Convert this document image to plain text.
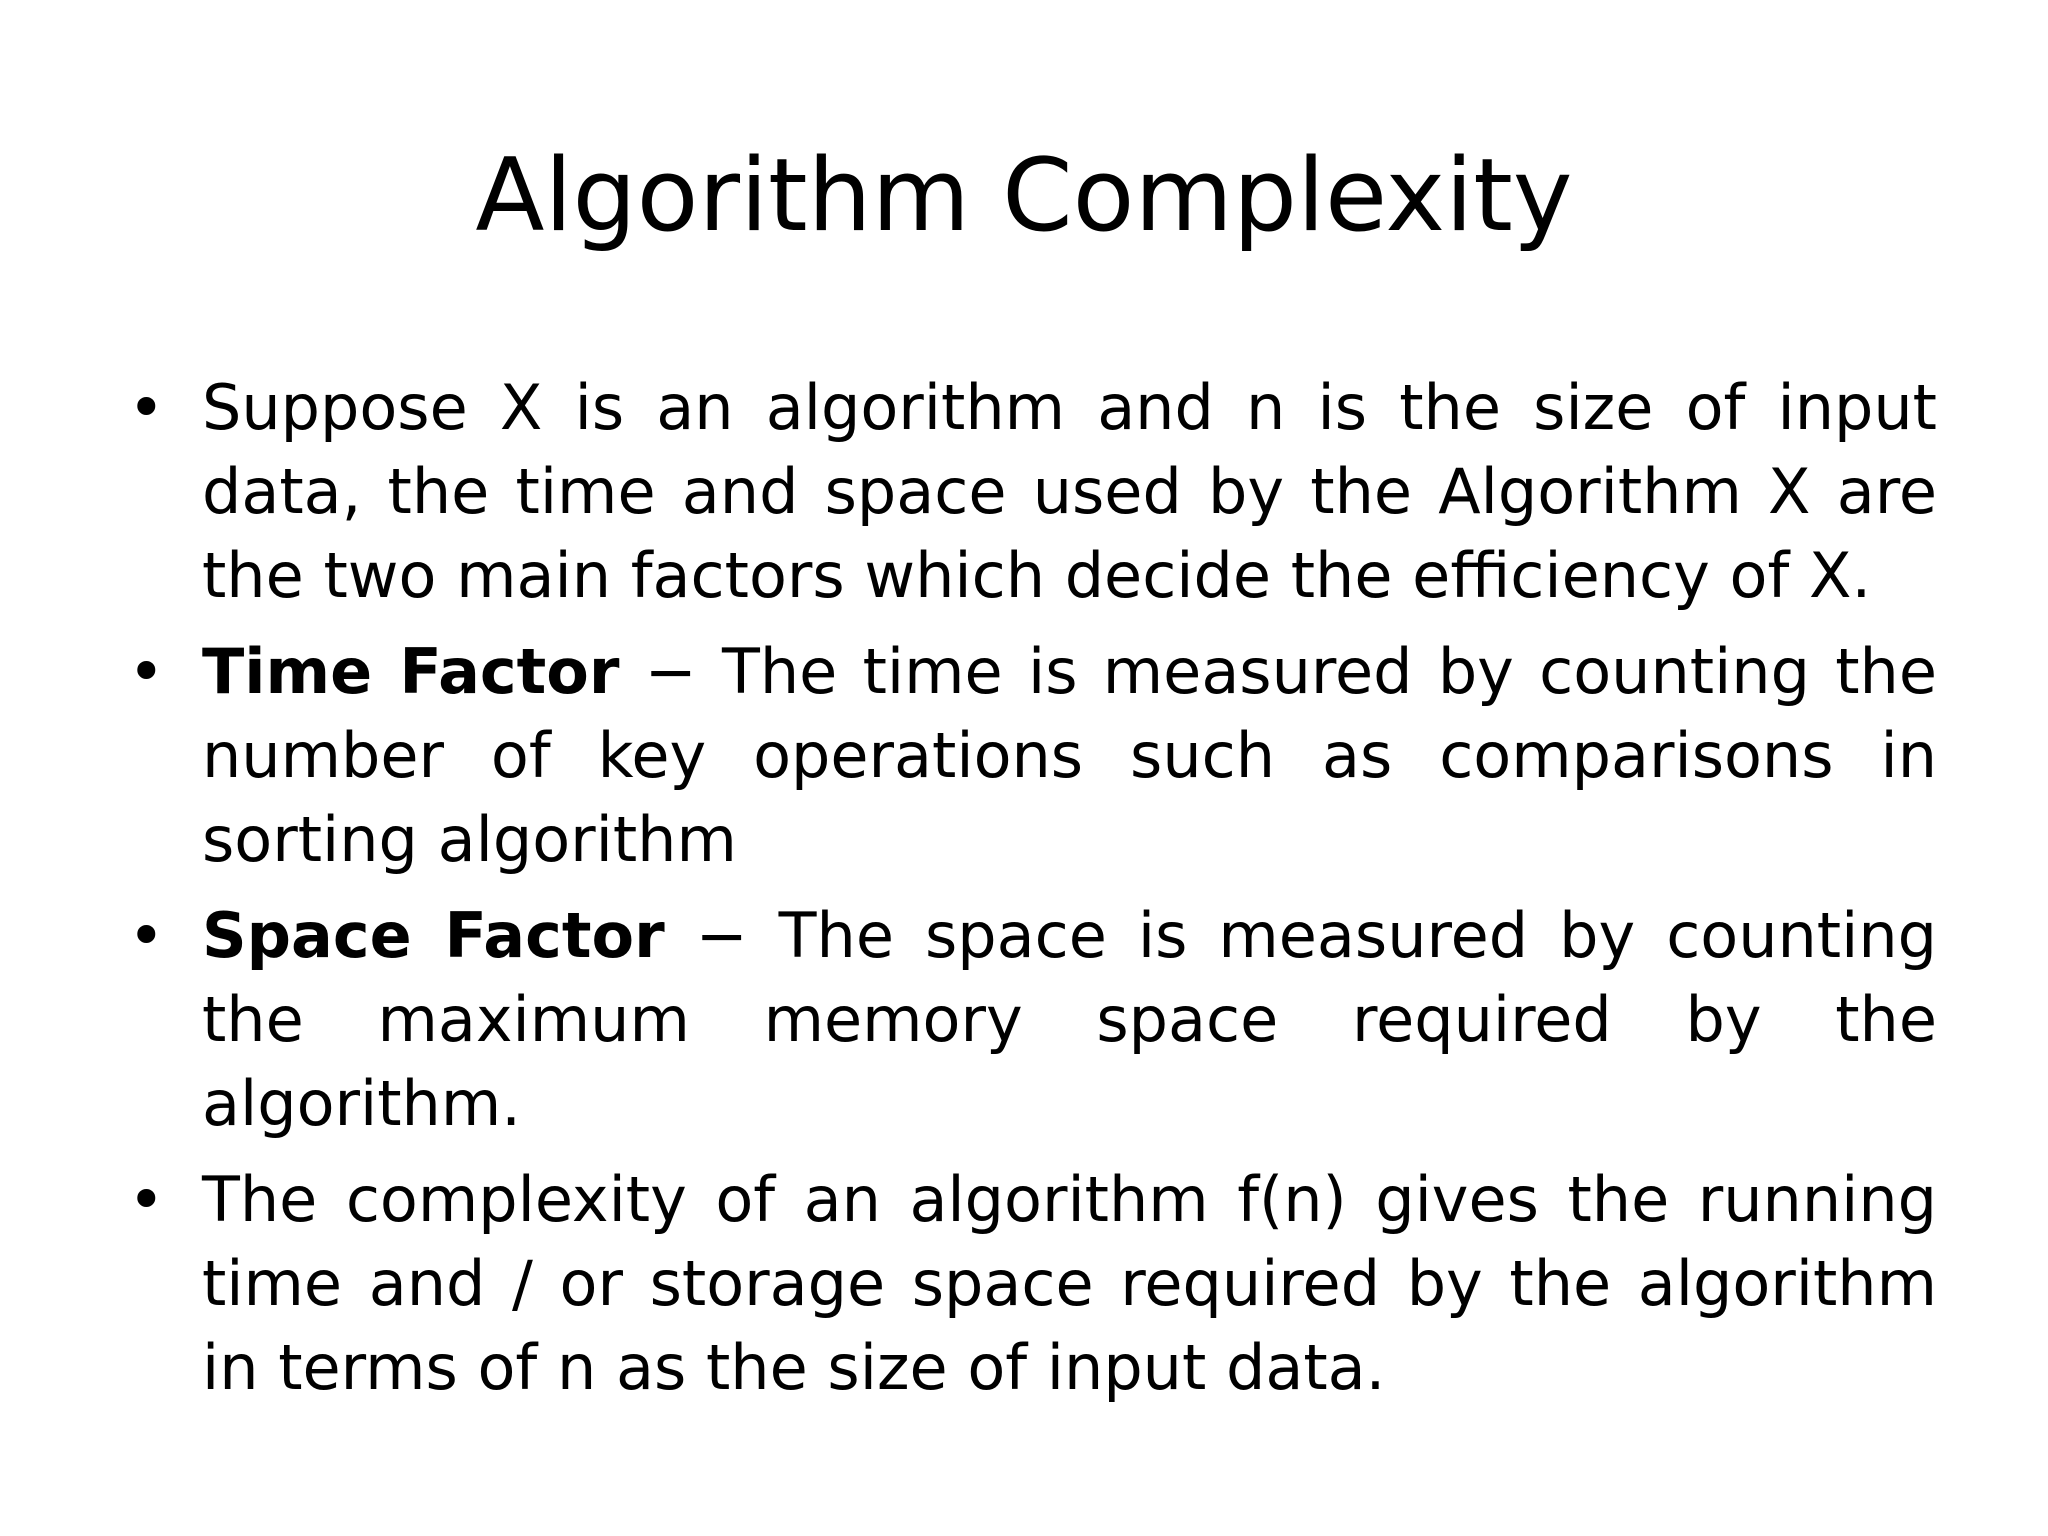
Algorithm Complexity
• Suppose X is an algorithm and n is the size of input data, the time and space used by the Algorithm X are the two main factors which decide the efficiency of X.
• Time Factor − The time is measured by counting the number of key operations such as comparisons in sorting algorithm
• Space Factor − The space is measured by counting the maximum memory space required by the algorithm.
• The complexity of an algorithm f(n) gives the running time and / or storage space required by the algorithm in terms of n as the size of input data.
